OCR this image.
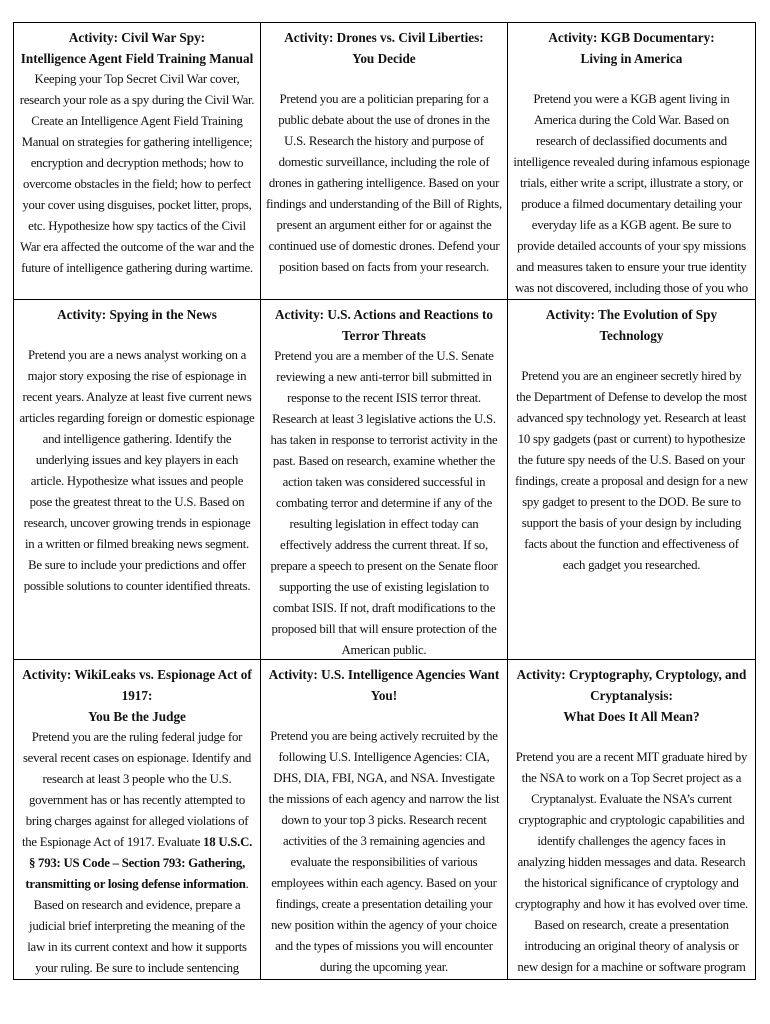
Activity: Civil War Spy:

Intelligence Agent Field Training Manual

Keeping your Top Secret Civil War cover, research your role as a spy during the Civil War. Create an Intelligence Agent Field Training Manual on strategies for gathering intelligence; encryption and decryption methods; how to overcome obstacles in the field; how to perfect your cover using disguises, pocket litter, props, etc. Hypothesize how spy tactics of the Civil War era affected the outcome of the war and the future of intelligence gathering during wartime.

Activity: Drones vs. Civil Liberties:

You Decide

Pretend you are a politician preparing for a public debate about the use of drones in the U.S. Research the history and purpose of domestic surveillance, including the role of drones in gathering intelligence. Based on your findings and understanding of the Bill of Rights, present an argument either for or against the continued use of domestic drones. Defend your position based on facts from your research.

Activity: KGB Documentary:

Living in America

Pretend you were a KGB agent living in America during the Cold War. Based on research of declassified documents and intelligence revealed during infamous espionage trials, either write a script, illustrate a story, or produce a filmed documentary detailing your everyday life as a KGB agent. Be sure to provide detailed accounts of your spy missions and measures taken to ensure your true identity was not discovered, including those of you who

Activity: Spying in the News

Pretend you are a news analyst working on a major story exposing the rise of espionage in recent years. Analyze at least five current news articles regarding foreign or domestic espionage and intelligence gathering. Identify the underlying issues and key players in each article. Hypothesize what issues and people pose the greatest threat to the U.S. Based on research, uncover growing trends in espionage in a written or filmed breaking news segment. Be sure to include your predictions and offer possible solutions to counter identified threats.

Activity: U.S. Actions and Reactions to Terror Threats

Pretend you are a member of the U.S. Senate reviewing a new anti-terror bill submitted in response to the recent ISIS terror threat. Research at least 3 legislative actions the U.S. has taken in response to terrorist activity in the past. Based on research, examine whether the action taken was considered successful in combating terror and determine if any of the resulting legislation in effect today can effectively address the current threat. If so, prepare a speech to present on the Senate floor supporting the use of existing legislation to combat ISIS. If not, draft modifications to the proposed bill that will ensure protection of the American public.

Activity: The Evolution of Spy Technology

Pretend you are an engineer secretly hired by the Department of Defense to develop the most advanced spy technology yet. Research at least 10 spy gadgets (past or current) to hypothesize the future spy needs of the U.S. Based on your findings, create a proposal and design for a new spy gadget to present to the DOD. Be sure to support the basis of your design by including facts about the function and effectiveness of each gadget you researched.

Activity: WikiLeaks vs. Espionage Act of 1917:

You Be the Judge

Pretend you are the ruling federal judge for several recent cases on espionage. Identify and research at least 3 people who the U.S. government has or has recently attempted to bring charges against for alleged violations of the Espionage Act of 1917. Evaluate 18 U.S.C. § 793: US Code – Section 793: Gathering, transmitting or losing defense information. Based on research and evidence, prepare a judicial brief interpreting the meaning of the law in its current context and how it supports your ruling. Be sure to include sentencing

Activity: U.S. Intelligence Agencies Want You!

Pretend you are being actively recruited by the following U.S. Intelligence Agencies: CIA, DHS, DIA, FBI, NGA, and NSA. Investigate the missions of each agency and narrow the list down to your top 3 picks. Research recent activities of the 3 remaining agencies and evaluate the responsibilities of various employees within each agency. Based on your findings, create a presentation detailing your new position within the agency of your choice and the types of missions you will encounter during the upcoming year.

Activity: Cryptography, Cryptology, and Cryptanalysis:

What Does It All Mean?

Pretend you are a recent MIT graduate hired by the NSA to work on a Top Secret project as a Cryptanalyst. Evaluate the NSA’s current cryptographic and cryptologic capabilities and identify challenges the agency faces in analyzing hidden messages and data. Research the historical significance of cryptology and cryptography and how it has evolved over time. Based on research, create a presentation introducing an original theory of analysis or new design for a machine or software program
